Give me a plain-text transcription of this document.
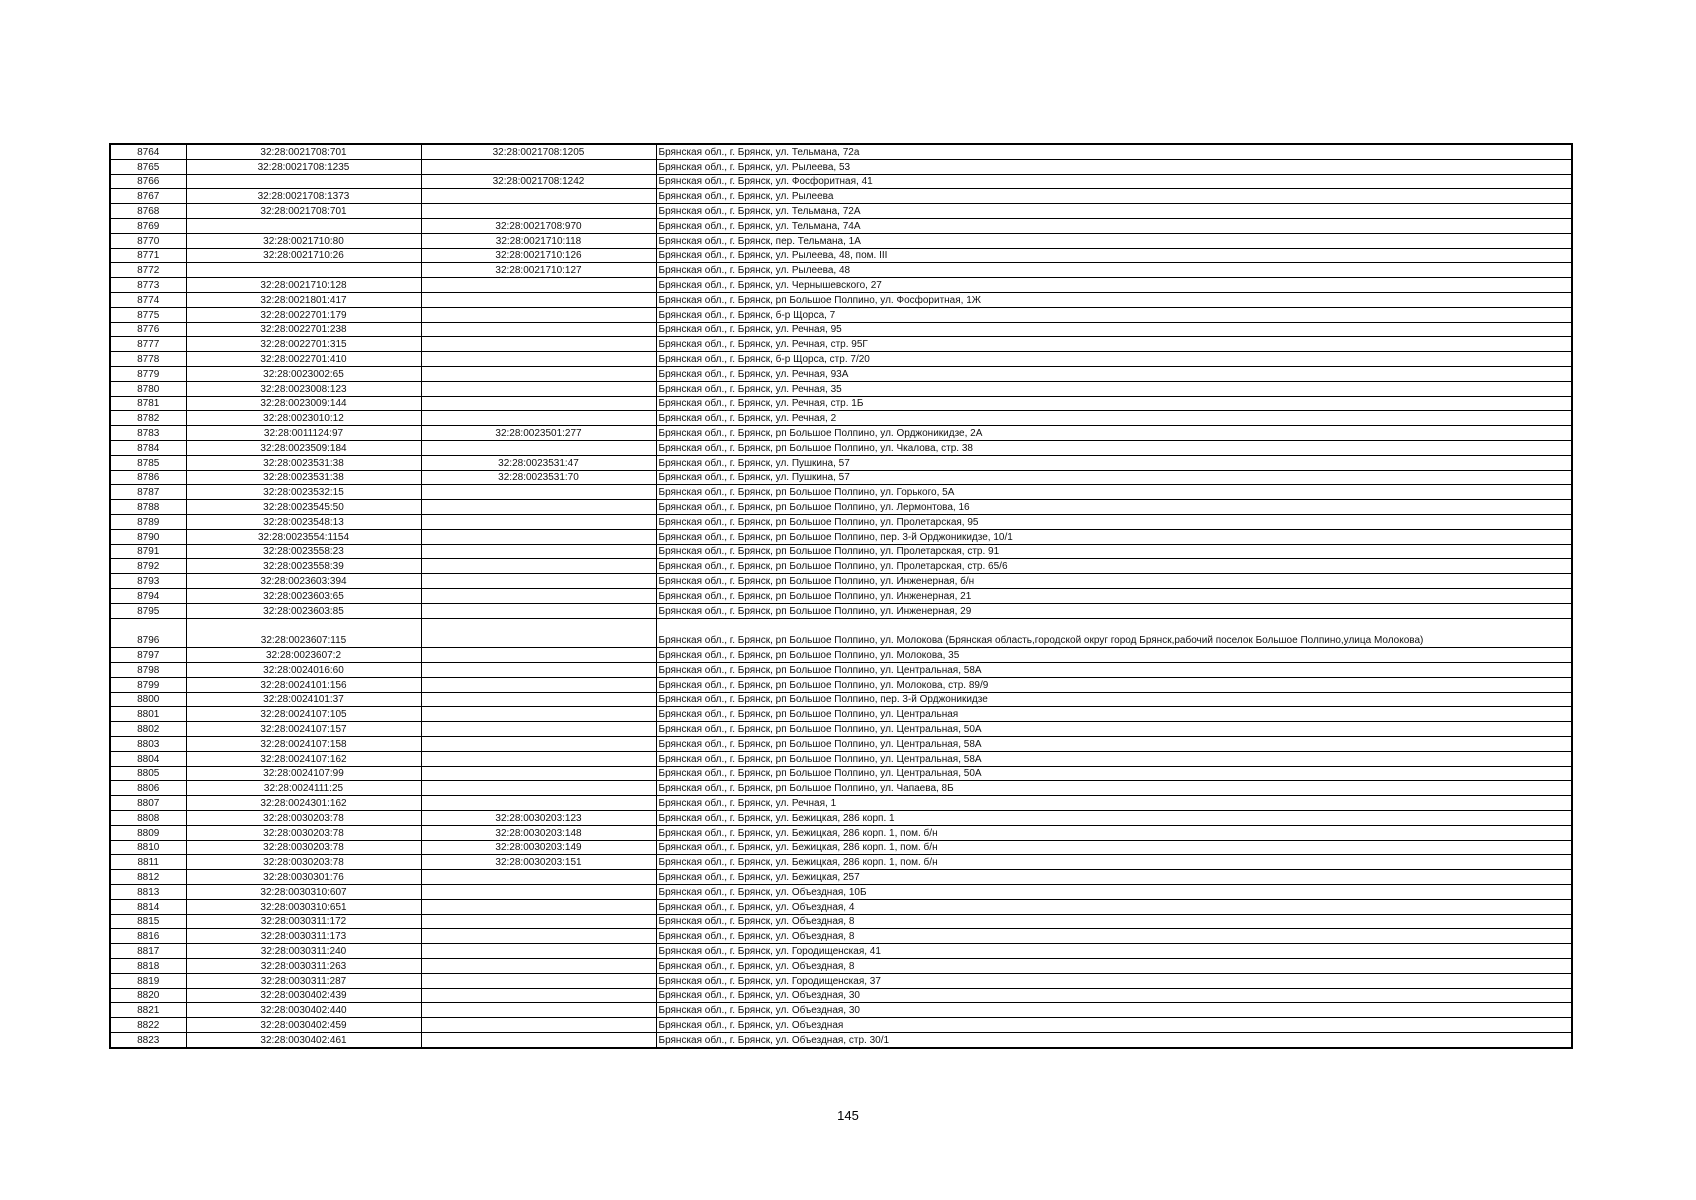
8764	32:28:0021708:701	32:28:0021708:1205	Брянская обл., г. Брянск, ул. Тельмана, 72а
8765	32:28:0021708:1235		Брянская обл., г. Брянск, ул. Рылеева, 53
8766		32:28:0021708:1242	Брянская обл., г. Брянск, ул. Фосфоритная, 41
8767	32:28:0021708:1373		Брянская обл., г. Брянск, ул. Рылеева
8768	32:28:0021708:701		Брянская обл., г. Брянск, ул. Тельмана, 72А
8769		32:28:0021708:970	Брянская обл., г. Брянск, ул. Тельмана, 74А
8770	32:28:0021710:80	32:28:0021710:118	Брянская обл., г. Брянск, пер. Тельмана, 1А
8771	32:28:0021710:26	32:28:0021710:126	Брянская обл., г. Брянск, ул. Рылеева, 48, пом. III
8772		32:28:0021710:127	Брянская обл., г. Брянск, ул. Рылеева, 48
8773	32:28:0021710:128		Брянская обл., г. Брянск, ул. Чернышевского, 27
8774	32:28:0021801:417		Брянская обл., г. Брянск, рп Большое Полпино, ул. Фосфоритная, 1Ж
8775	32:28:0022701:179		Брянская обл., г. Брянск, б-р Щорса, 7
8776	32:28:0022701:238		Брянская обл., г. Брянск, ул. Речная, 95
8777	32:28:0022701:315		Брянская обл., г. Брянск, ул. Речная, стр. 95Г
8778	32:28:0022701:410		Брянская обл., г. Брянск, б-р Щорса, стр. 7/20
8779	32:28:0023002:65		Брянская обл., г. Брянск, ул. Речная, 93А
8780	32:28:0023008:123		Брянская обл., г. Брянск, ул. Речная, 35
8781	32:28:0023009:144		Брянская обл., г. Брянск, ул. Речная, стр. 1Б
8782	32:28:0023010:12		Брянская обл., г. Брянск, ул. Речная, 2
8783	32:28:0011124:97	32:28:0023501:277	Брянская обл., г. Брянск, рп Большое Полпино, ул. Орджоникидзе, 2А
8784	32:28:0023509:184		Брянская обл., г. Брянск, рп Большое Полпино, ул. Чкалова, стр. 38
8785	32:28:0023531:38	32:28:0023531:47	Брянская обл., г. Брянск, ул. Пушкина, 57
8786	32:28:0023531:38	32:28:0023531:70	Брянская обл., г. Брянск, ул. Пушкина, 57
8787	32:28:0023532:15		Брянская обл., г. Брянск, рп Большое Полпино, ул. Горького, 5А
8788	32:28:0023545:50		Брянская обл., г. Брянск, рп Большое Полпино, ул. Лермонтова, 16
8789	32:28:0023548:13		Брянская обл., г. Брянск, рп Большое Полпино, ул. Пролетарская, 95
8790	32:28:0023554:1154		Брянская обл., г. Брянск, рп Большое Полпино, пер. 3-й Орджоникидзе, 10/1
8791	32:28:0023558:23		Брянская обл., г. Брянск, рп Большое Полпино, ул. Пролетарская, стр. 91
8792	32:28:0023558:39		Брянская обл., г. Брянск, рп Большое Полпино, ул. Пролетарская, стр. 65/6
8793	32:28:0023603:394		Брянская обл., г. Брянск, рп Большое Полпино, ул. Инженерная, б/н
8794	32:28:0023603:65		Брянская обл., г. Брянск, рп Большое Полпино, ул. Инженерная, 21
8795	32:28:0023603:85		Брянская обл., г. Брянск, рп Большое Полпино, ул. Инженерная, 29
8796	32:28:0023607:115		Брянская обл., г. Брянск, рп Большое Полпино, ул. Молокова (Брянская область,городской округ город Брянск,рабочий поселок Большое Полпино,улица Молокова)
8797	32:28:0023607:2		Брянская обл., г. Брянск, рп Большое Полпино, ул. Молокова, 35
8798	32:28:0024016:60		Брянская обл., г. Брянск, рп Большое Полпино, ул. Центральная, 58А
8799	32:28:0024101:156		Брянская обл., г. Брянск, рп Большое Полпино, ул. Молокова, стр. 89/9
8800	32:28:0024101:37		Брянская обл., г. Брянск, рп Большое Полпино, пер. 3-й Орджоникидзе
8801	32:28:0024107:105		Брянская обл., г. Брянск, рп Большое Полпино, ул. Центральная
8802	32:28:0024107:157		Брянская обл., г. Брянск, рп Большое Полпино, ул. Центральная, 50А
8803	32:28:0024107:158		Брянская обл., г. Брянск, рп Большое Полпино, ул. Центральная, 58А
8804	32:28:0024107:162		Брянская обл., г. Брянск, рп Большое Полпино, ул. Центральная, 58А
8805	32:28:0024107:99		Брянская обл., г. Брянск, рп Большое Полпино, ул. Центральная, 50А
8806	32:28:0024111:25		Брянская обл., г. Брянск, рп Большое Полпино, ул. Чапаева, 8Б
8807	32:28:0024301:162		Брянская обл., г. Брянск, ул. Речная, 1
8808	32:28:0030203:78	32:28:0030203:123	Брянская обл., г. Брянск, ул. Бежицкая, 286 корп. 1
8809	32:28:0030203:78	32:28:0030203:148	Брянская обл., г. Брянск, ул. Бежицкая, 286 корп. 1, пом. б/н
8810	32:28:0030203:78	32:28:0030203:149	Брянская обл., г. Брянск, ул. Бежицкая, 286 корп. 1, пом. б/н
8811	32:28:0030203:78	32:28:0030203:151	Брянская обл., г. Брянск, ул. Бежицкая, 286 корп. 1, пом. б/н
8812	32:28:0030301:76		Брянская обл., г. Брянск, ул. Бежицкая, 257
8813	32:28:0030310:607		Брянская обл., г. Брянск, ул. Объездная, 10Б
8814	32:28:0030310:651		Брянская обл., г. Брянск, ул. Объездная, 4
8815	32:28:0030311:172		Брянская обл., г. Брянск, ул. Объездная, 8
8816	32:28:0030311:173		Брянская обл., г. Брянск, ул. Объездная, 8
8817	32:28:0030311:240		Брянская обл., г. Брянск, ул. Городищенская, 41
8818	32:28:0030311:263		Брянская обл., г. Брянск, ул. Объездная, 8
8819	32:28:0030311:287		Брянская обл., г. Брянск, ул. Городищенская, 37
8820	32:28:0030402:439		Брянская обл., г. Брянск, ул. Объездная, 30
8821	32:28:0030402:440		Брянская обл., г. Брянск, ул. Объездная, 30
8822	32:28:0030402:459		Брянская обл., г. Брянск, ул. Объездная
8823	32:28:0030402:461		Брянская обл., г. Брянск, ул. Объездная, стр. 30/1
145
